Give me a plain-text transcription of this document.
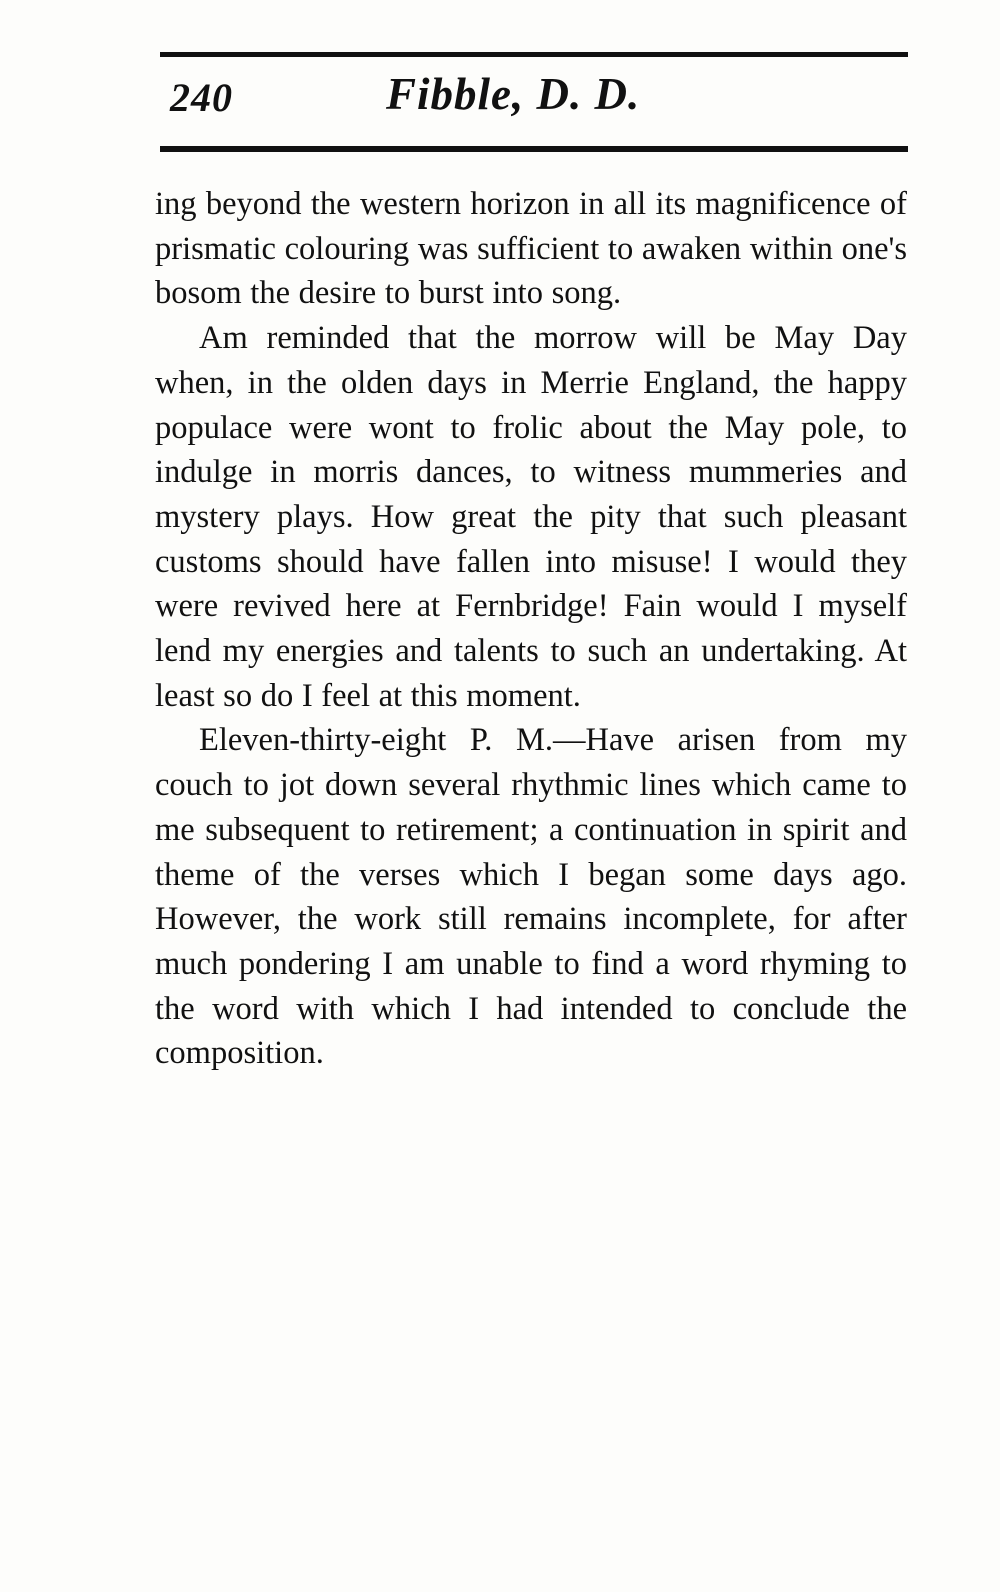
240	Fibble, D. D.

ing beyond the western horizon in all its magnificence of prismatic colouring was sufficient to awaken within one's bosom the desire to burst into song.

Am reminded that the morrow will be May Day when, in the olden days in Merrie England, the happy populace were wont to frolic about the May pole, to indulge in morris dances, to witness mummeries and mystery plays. How great the pity that such pleasant customs should have fallen into misuse! I would they were revived here at Fernbridge! Fain would I myself lend my energies and talents to such an undertaking. At least so do I feel at this moment.

Eleven-thirty-eight P. M.—Have arisen from my couch to jot down several rhythmic lines which came to me subsequent to retirement; a continuation in spirit and theme of the verses which I began some days ago. However, the work still remains incomplete, for after much pondering I am unable to find a word rhyming to the word with which I had intended to conclude the composition.
